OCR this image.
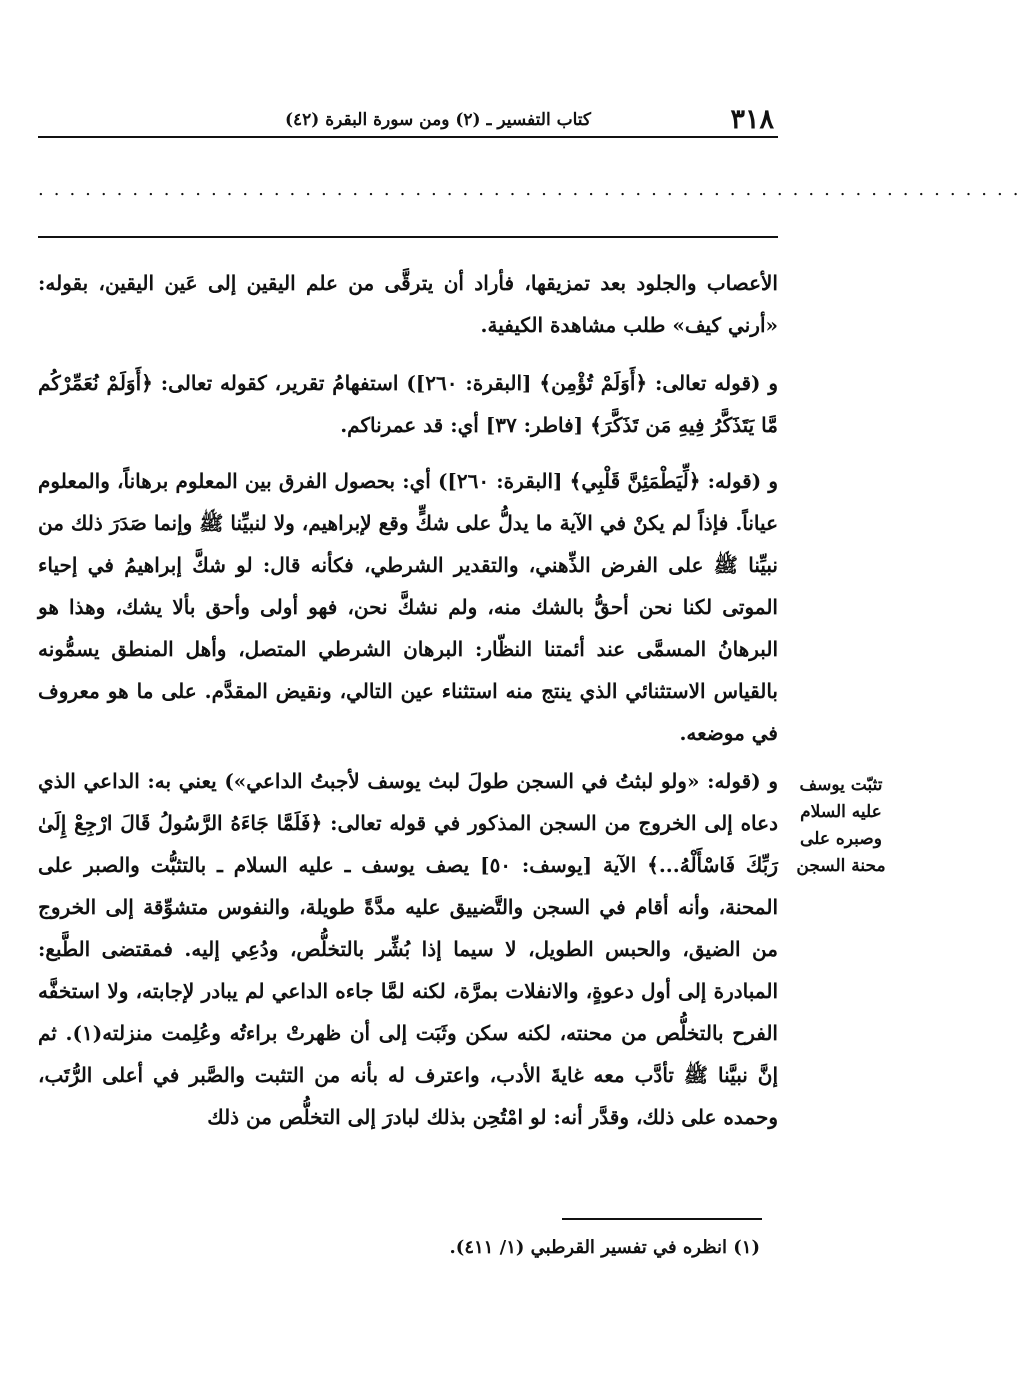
٣١٨
(٤٢) كتاب التفسير ـ (٢) ومن سورة البقرة
...............................................................

الأعصاب والجلود بعد تمزيقها، فأراد أن يترقَّى من علم اليقين إلى عَين اليقين، بقوله: «أرني كيف» طلب مشاهدة الكيفية.

و (قوله تعالى: ﴿أَوَلَمْ تُؤْمِن﴾ [البقرة: ٢٦٠]) استفهامُ تقرير، كقوله تعالى: ﴿أَوَلَمْ نُعَمِّرْكُم مَّا يَتَذَكَّرُ فِيهِ مَن تَذَكَّرَ﴾ [فاطر: ٣٧] أي: قد عمرناكم.

و (قوله: ﴿لِّيَطْمَئِنَّ قَلْبِي﴾ [البقرة: ٢٦٠]) أي: بحصول الفرق بين المعلوم برهاناً، والمعلوم عياناً. فإذاً لم يكنْ في الآية ما يدلُّ على شكٍّ وقع لإبراهيم، ولا لنبيِّنا ﷺ وإنما صَدَرَ ذلك من نبيِّنا ﷺ على الفرض الذِّهني، والتقدير الشرطي، فكأنه قال: لو شكَّ إبراهيمُ في إحياء الموتى لكنا نحن أحقُّ بالشك منه، ولم نشكَّ نحن، فهو أولى وأحق بألا يشك، وهذا هو البرهانُ المسمَّى عند أئمتنا النظّار: البرهان الشرطي المتصل، وأهل المنطق يسمُّونه بالقياس الاستثنائي الذي ينتج منه استثناء عين التالي، ونقيض المقدَّم. على ما هو معروف في موضعه.

و (قوله: «ولو لبثتُ في السجن طولَ لبث يوسف لأجبتُ الداعي») يعني به: الداعي الذي دعاه إلى الخروج من السجن المذكور في قوله تعالى: ﴿فَلَمَّا جَاءَهُ الرَّسُولُ قَالَ ارْجِعْ إِلَىٰ رَبِّكَ فَاسْأَلْهُ...﴾ الآية [يوسف: ٥٠] يصف يوسف ـ عليه السلام ـ بالتثبُّت والصبر على المحنة، وأنه أقام في السجن والتَّضييق عليه مدَّةً طويلة، والنفوس متشوِّقة إلى الخروج من الضيق، والحبس الطويل، لا سيما إذا بُشِّر بالتخلُّص، ودُعِي إليه. فمقتضى الطَّبع: المبادرة إلى أول دعوةٍ، والانفلات بمرَّة، لكنه لمَّا جاءه الداعي لم يبادر لإجابته، ولا استخفَّه الفرح بالتخلُّص من محنته، لكنه سكن وثَبَت إلى أن ظهرتْ براءتُه وعُلِمت منزلته(١). ثم إنَّ نبيَّنا ﷺ تأدَّب معه غايةَ الأدب، واعترف له بأنه من التثبت والصَّبر في أعلى الرُّتَب، وحمده على ذلك، وقدَّر أنه: لو امْتُحِن بذلك لبادرَ إلى التخلُّص من ذلك

تثبّت يوسف عليه السلام وصبره على محنة السجن
(١) انظره في تفسير القرطبي (١/ ٤١١).
